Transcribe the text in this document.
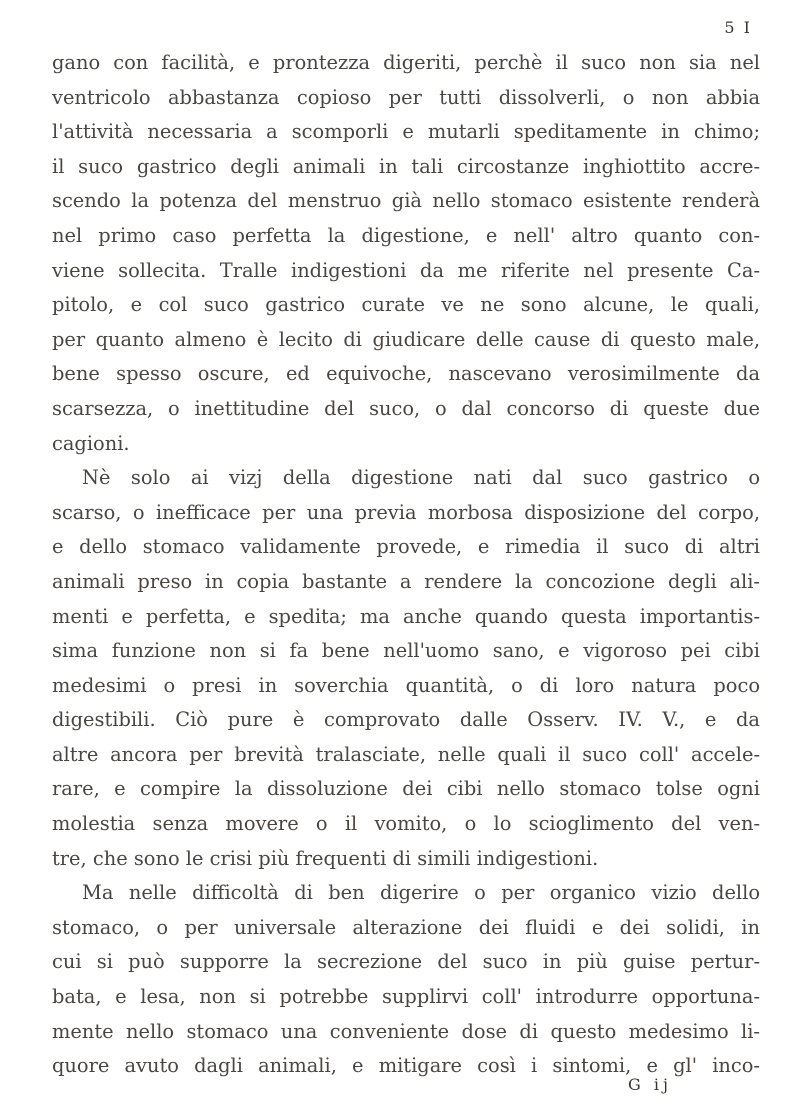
5 I
gano con facilità, e prontezza digeriti, perchè il suco non sia nel
ventricolo abbastanza copioso per tutti dissolverli, o non abbia
l'attività necessaria a scomporli e mutarli speditamente in chimo;
il suco gastrico degli animali in tali circostanze inghiottito accre-
scendo la potenza del menstruo già nello stomaco esistente renderà
nel primo caso perfetta la digestione, e nell' altro quanto con-
viene sollecita. Tralle indigestioni da me riferite nel presente Ca-
pitolo, e col suco gastrico curate ve ne sono alcune, le quali,
per quanto almeno è lecito di giudicare delle cause di questo male,
bene spesso oscure, ed equivoche, nascevano verosimilmente da
scarsezza, o inettitudine del suco, o dal concorso di queste due
cagioni.
Nè solo ai vizj della digestione nati dal suco gastrico o
scarso, o inefficace per una previa morbosa disposizione del corpo,
e dello stomaco validamente provede, e rimedia il suco di altri
animali preso in copia bastante a rendere la concozione degli ali-
menti e perfetta, e spedita; ma anche quando questa importantis-
sima funzione non si fa bene nell'uomo sano, e vigoroso pei cibi
medesimi o presi in soverchia quantità, o di loro natura poco
digestibili. Ciò pure è comprovato dalle Osserv. IV. V., e da
altre ancora per brevità tralasciate, nelle quali il suco coll' accele-
rare, e compire la dissoluzione dei cibi nello stomaco tolse ogni
molestia senza movere o il vomito, o lo scioglimento del ven-
tre, che sono le crisi più frequenti di simili indigestioni.
Ma nelle difficoltà di ben digerire o per organico vizio dello
stomaco, o per universale alterazione dei fluidi e dei solidi, in
cui si può supporre la secrezione del suco in più guise pertur-
bata, e lesa, non si potrebbe supplirvi coll' introdurre opportuna-
mente nello stomaco una conveniente dose di questo medesimo li-
quore avuto dagli animali, e mitigare così i sintomi, e gl' inco-
G ij
